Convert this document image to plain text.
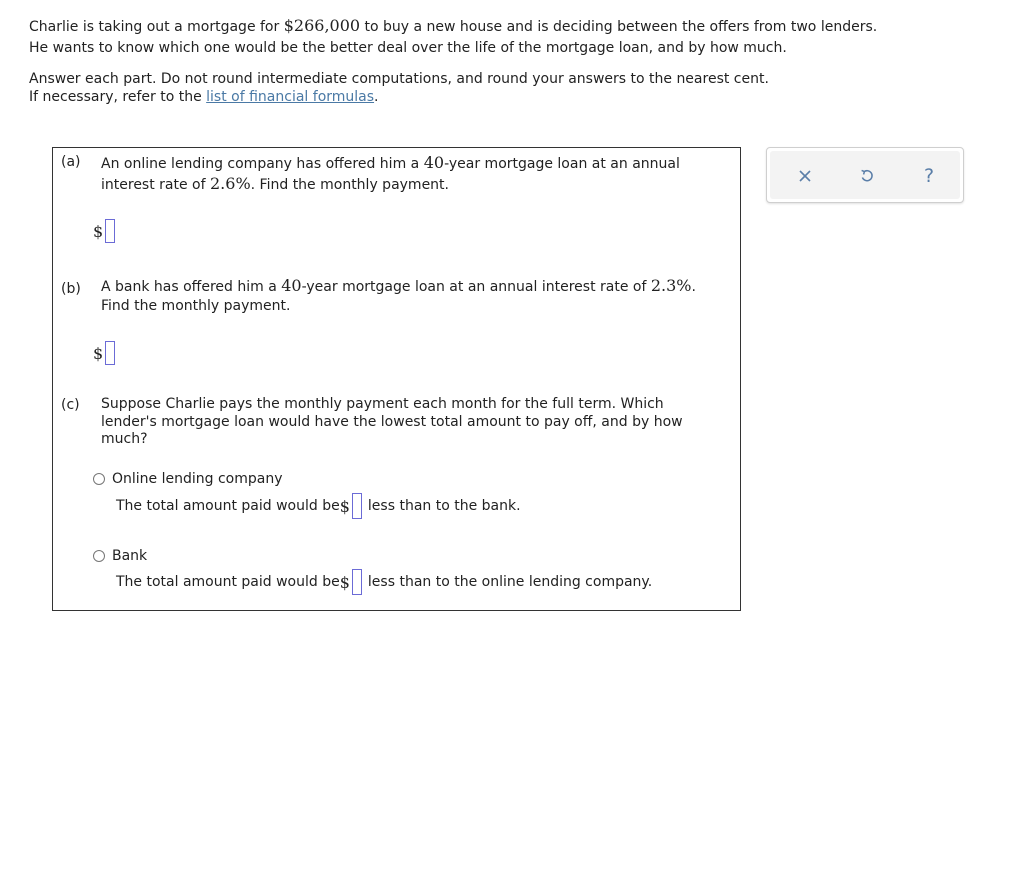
Charlie is taking out a mortgage for $266,000 to buy a new house and is deciding between the offers from two lenders.

He wants to know which one would be the better deal over the life of the mortgage loan, and by how much.

Answer each part. Do not round intermediate computations, and round your answers to the nearest cent.

If necessary, refer to the list of financial formulas.

(a) An online lending company has offered him a 40-year mortgage loan at an annual
interest rate of 2.6%. Find the monthly payment.
$
(b) A bank has offered him a 40-year mortgage loan at an annual interest rate of 2.3%.
Find the monthly payment.
$
(c) Suppose Charlie pays the monthly payment each month for the full term. Which lender's mortgage loan would have the lowest total amount to pay off, and by how much?
Online lending company
The total amount paid would be $ less than to the bank.
Bank
The total amount paid would be $ less than to the online lending company.
?
